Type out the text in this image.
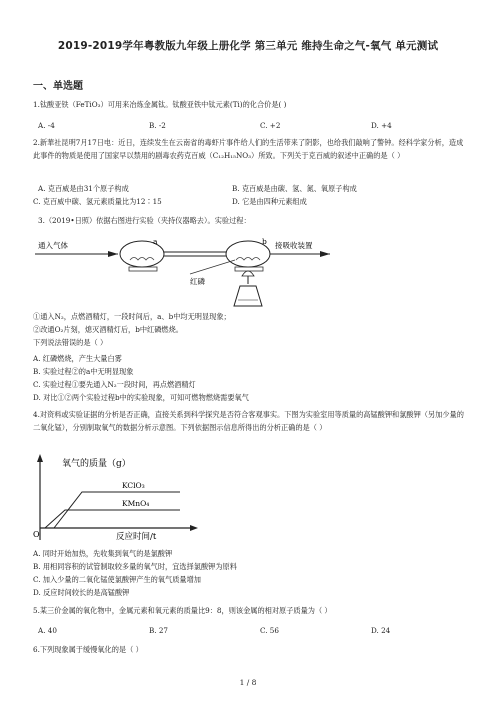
2019-2019学年粤教版九年级上册化学 第三单元 维持生命之气-氧气 单元测试
一、单选题
1.钛酸亚铁（FeTiO₃）可用来冶炼金属钛。钛酸亚铁中钛元素(Ti)的化合价是( )
A. -4	B. -2	C. +2	D. +4
2.新華社昆明7月17日电：近日，连续发生在云南省的毒虾片事件给人们的生活带来了阴影，也给我们敲响了警钟。经科学家分析，造成此事件的物质是使用了国家早以禁用的剧毒农药克百威（C₁₂H₁₅NO₃）所致。下列关于克百威的叙述中正确的是（ ）
A. 克百威是由31个原子构成	B. 克百威是由碳、氢、氮、氧原子构成
C. 克百威中碳、氢元素质量比为12∶15	D. 它是由四种元素组成
3.（2019•日照）依据右图进行实验（夹持仪器略去）。实验过程：
通入气体	a	b 接吸收装置
红磷
①通入N₂，点燃酒精灯，一段时间后，a、b中均无明显现象；
②改通O₂片刻，熄灭酒精灯后，b中红磷燃烧。
下列说法错误的是（ ）
A. 红磷燃烧，产生大量白雾
B. 实验过程②的a中无明显现象
C. 实验过程①要先通入N₂一段时间，再点燃酒精灯
D. 对比①②两个实验过程b中的实验现象，可知可燃物燃烧需要氧气
4.对资料或实验证据的分析是否正确，直接关系到科学探究是否符合客观事实。下图为实验室用等质量的高锰酸钾和氯酸钾（另加少量的二氧化锰），分别制取氧气的数据分析示意图。下列依据图示信息所得出的分析正确的是（ ）
氧气的质量（g）
O	反应时间/t
KClO₃
KMnO₄
A. 同时开始加热，先收集到氧气的是氯酸钾
B. 用相同容积的试管制取较多量的氧气时，宜选择氯酸钾为原料
C. 加入少量的二氧化锰使氯酸钾产生的氧气质量增加
D. 反应时间较长的是高锰酸钾
5.某三价金属的氧化物中，金属元素和氧元素的质量比9：8，则该金属的相对原子质量为（ ）
A. 40	B. 27	C. 56	D. 24
6.下列现象属于缓慢氧化的是（ ）
1 / 8
